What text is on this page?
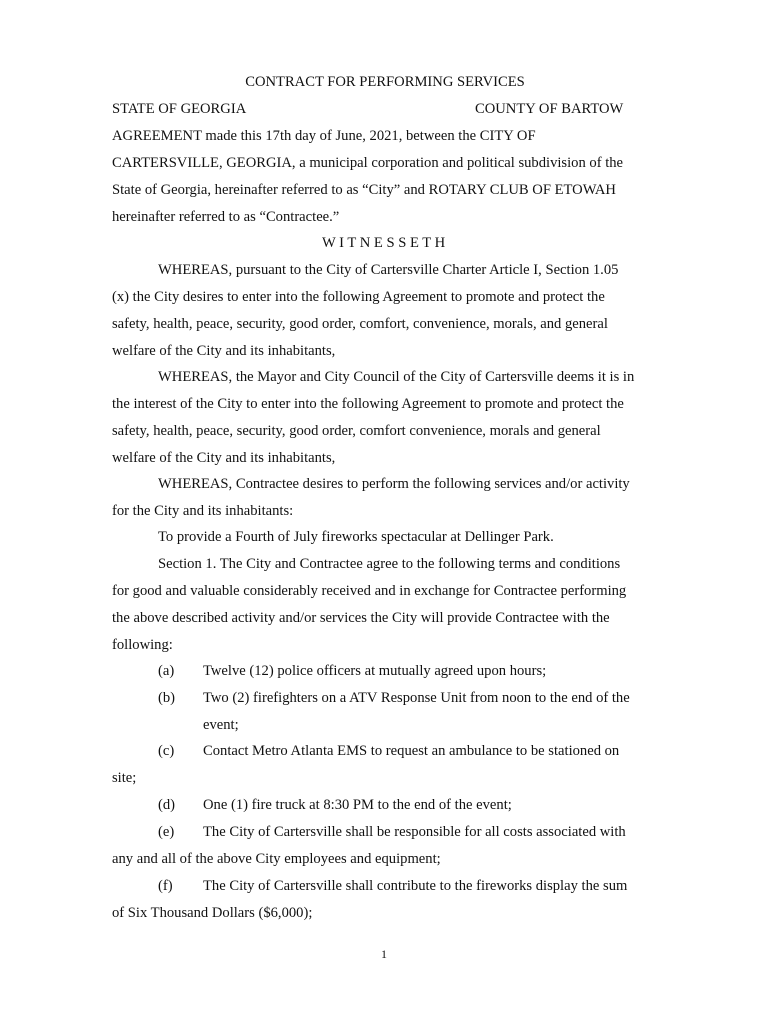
CONTRACT FOR PERFORMING SERVICES
STATE OF GEORGIA	COUNTY OF BARTOW
AGREEMENT made this 17th day of June, 2021, between the CITY OF
CARTERSVILLE, GEORGIA, a municipal corporation and political subdivision of the
State of Georgia, hereinafter referred to as “City” and ROTARY CLUB OF ETOWAH
hereinafter referred to as “Contractee.”
W I T N E S S E T H
WHEREAS, pursuant to the City of Cartersville Charter Article I, Section 1.05
(x) the City desires to enter into the following Agreement to promote and protect the
safety, health, peace, security, good order, comfort, convenience, morals, and general
welfare of the City and its inhabitants,
WHEREAS, the Mayor and City Council of the City of Cartersville deems it is in
the interest of the City to enter into the following Agreement to promote and protect the
safety, health, peace, security, good order, comfort convenience, morals and general
welfare of the City and its inhabitants,
WHEREAS, Contractee desires to perform the following services and/or activity
for the City and its inhabitants:
To provide a Fourth of July fireworks spectacular at Dellinger Park.
Section 1. The City and Contractee agree to the following terms and conditions
for good and valuable considerably received and in exchange for Contractee performing
the above described activity and/or services the City will provide Contractee with the
following:
(a) Twelve (12) police officers at mutually agreed upon hours;
(b) Two (2) firefighters on a ATV Response Unit from noon to the end of the
event;
(c) Contact Metro Atlanta EMS to request an ambulance to be stationed on
site;
(d) One (1) fire truck at 8:30 PM to the end of the event;
(e) The City of Cartersville shall be responsible for all costs associated with
any and all of the above City employees and equipment;
(f) The City of Cartersville shall contribute to the fireworks display the sum
of Six Thousand Dollars ($6,000);
1
